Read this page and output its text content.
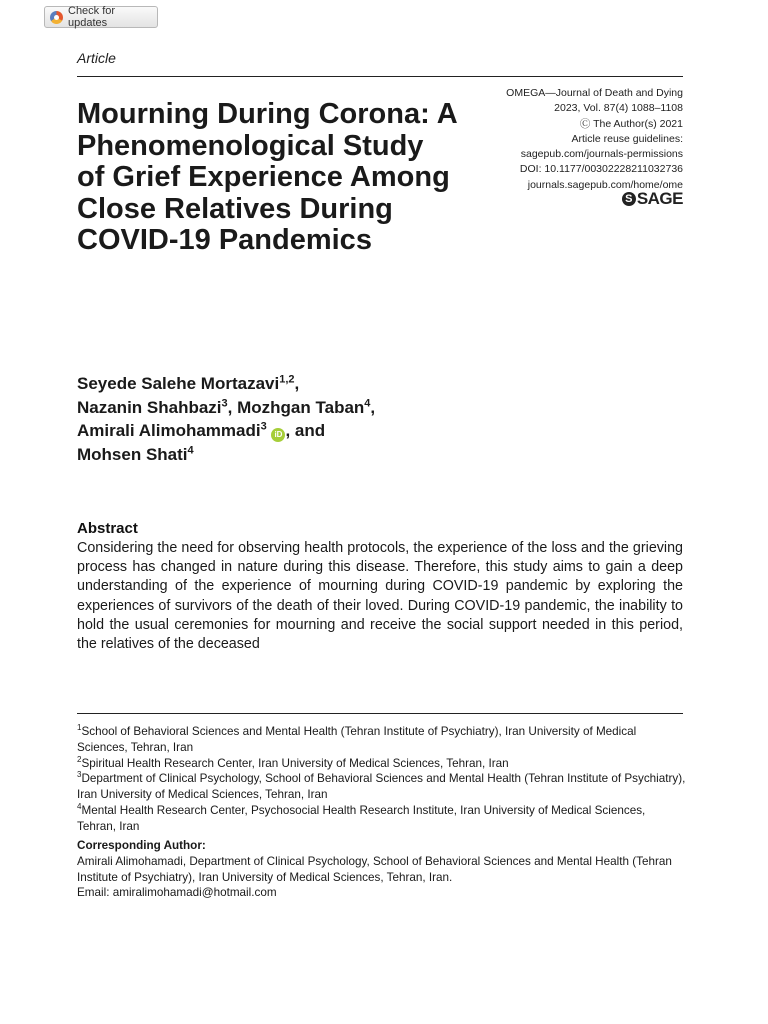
Check for updates
Article
Mourning During Corona: A Phenomenological Study of Grief Experience Among Close Relatives During COVID-19 Pandemics
OMEGA—Journal of Death and Dying
2023, Vol. 87(4) 1088–1108
Ⓒ The Author(s) 2021
Article reuse guidelines:
sagepub.com/journals-permissions
DOI: 10.1177/00302228211032736
journals.sagepub.com/home/ome
S SAGE
Seyede Salehe Mortazavi$^{1,2}$,
Nazanin Shahbazi$^3$, Mozhgan Taban$^4$,
Amirali Alimohammadi$^3$ iD , and
Mohsen Shati$^4$
Abstract

Considering the need for observing health protocols, the experience of the loss and the grieving process has changed in nature during this disease. Therefore, this study aims to gain a deep understanding of the experience of mourning during COVID-19 pandemic by exploring the experiences of survivors of the death of their loved. During COVID-19 pandemic, the inability to hold the usual ceremonies for mourning and receive the social support needed in this period, the relatives of the deceased

$^1$School of Behavioral Sciences and Mental Health (Tehran Institute of Psychiatry), Iran University of Medical Sciences, Tehran, Iran
$^2$Spiritual Health Research Center, Iran University of Medical Sciences, Tehran, Iran
$^3$Department of Clinical Psychology, School of Behavioral Sciences and Mental Health (Tehran Institute of Psychiatry), Iran University of Medical Sciences, Tehran, Iran
$^4$Mental Health Research Center, Psychosocial Health Research Institute, Iran University of Medical Sciences, Tehran, Iran
Corresponding Author:
Amirali Alimohamadi, Department of Clinical Psychology, School of Behavioral Sciences and Mental Health (Tehran Institute of Psychiatry), Iran University of Medical Sciences, Tehran, Iran.
Email: amiralimohamadi@hotmail.com
